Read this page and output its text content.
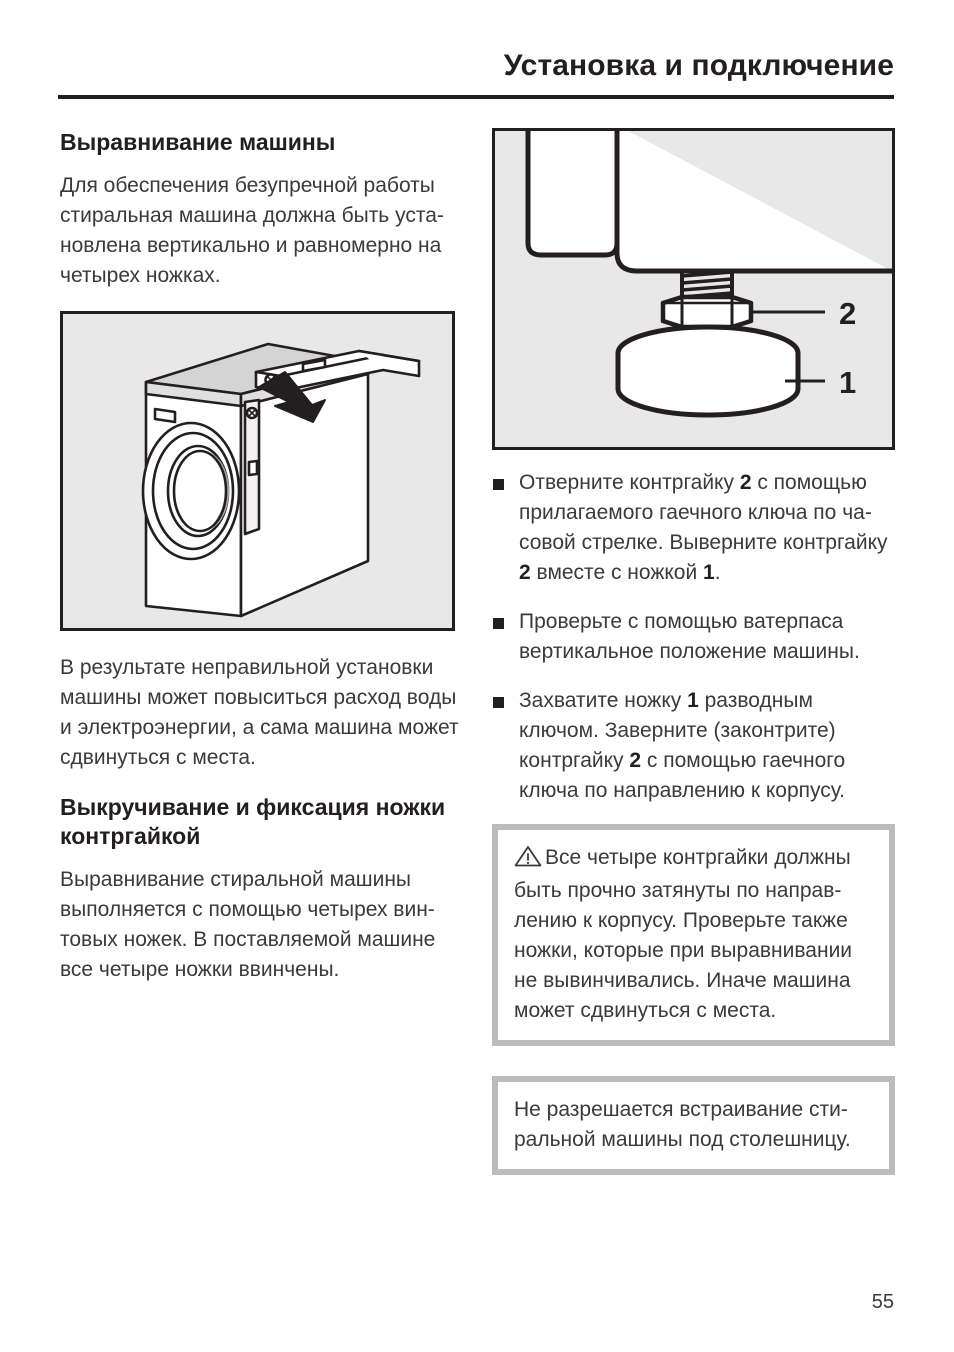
Установка и подключение
Выравнивание машины

Для обеспечения безупречной работы стиральная машина должна быть установлена вертикально и равномерно на четырех ножках.

В результате неправильной установки машины может повыситься расход воды и электроэнергии, а сама машина может сдвинуться с места.

Выкручивание и фиксация ножки
контргайкой

Выравнивание стиральной машины выполняется с помощью четырех винтовых ножек. В поставляемой машине все четыре ножки ввинчены.

2
1
Отверните контргайку 2 с помощью прилагаемого гаечного ключа по часовой стрелке. Выверните контргайку 2 вместе с ножкой 1.
Проверьте с помощью ватерпаса вертикальное положение машины.
Захватите ножку 1 разводным ключом. Заверните (законтрите) контргайку 2 с помощью гаечного ключа по направлению к корпусу.
Все четыре контргайки должны быть прочно затянуты по направлению к корпусу. Проверьте также ножки, которые при выравнивании не вывинчивались. Иначе машина может сдвинуться с места.
Не разрешается встраивание стиральной машины под столешницу.
55
